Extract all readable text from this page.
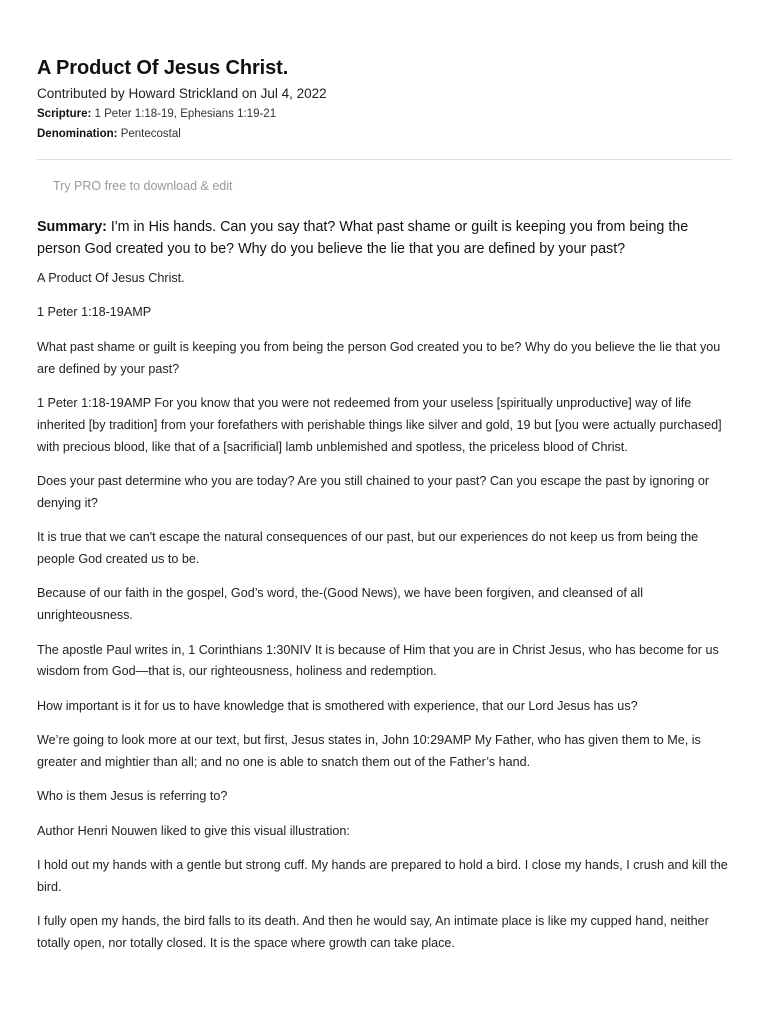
A Product Of Jesus Christ.
Contributed by Howard Strickland on Jul 4, 2022
Scripture: 1 Peter 1:18-19, Ephesians 1:19-21
Denomination: Pentecostal
Try PRO free to download & edit

Summary: I'm in His hands. Can you say that? What past shame or guilt is keeping you from being the person God created you to be? Why do you believe the lie that you are defined by your past?

A Product Of Jesus Christ.

1 Peter 1:18-19AMP

What past shame or guilt is keeping you from being the person God created you to be? Why do you believe the lie that you are defined by your past?

1 Peter 1:18-19AMP For you know that you were not redeemed from your useless [spiritually unproductive] way of life inherited [by tradition] from your forefathers with perishable things like silver and gold, 19 but [you were actually purchased] with precious blood, like that of a [sacrificial] lamb unblemished and spotless, the priceless blood of Christ.

Does your past determine who you are today? Are you still chained to your past? Can you escape the past by ignoring or denying it?

It is true that we can't escape the natural consequences of our past, but our experiences do not keep us from being the people God created us to be.

Because of our faith in the gospel, God’s word, the-(Good News), we have been forgiven, and cleansed of all unrighteousness.

The apostle Paul writes in, 1 Corinthians 1:30NIV It is because of Him that you are in Christ Jesus, who has become for us wisdom from God—that is, our righteousness, holiness and redemption.

How important is it for us to have knowledge that is smothered with experience, that our Lord Jesus has us?

We’re going to look more at our text, but first, Jesus states in, John 10:29AMP My Father, who has given them to Me, is greater and mightier than all; and no one is able to snatch them out of the Father’s hand.

Who is them Jesus is referring to?

Author Henri Nouwen liked to give this visual illustration:

I hold out my hands with a gentle but strong cuff. My hands are prepared to hold a bird. I close my hands, I crush and kill the bird.

I fully open my hands, the bird falls to its death. And then he would say, An intimate place is like my cupped hand, neither totally open, nor totally closed. It is the space where growth can take place.
